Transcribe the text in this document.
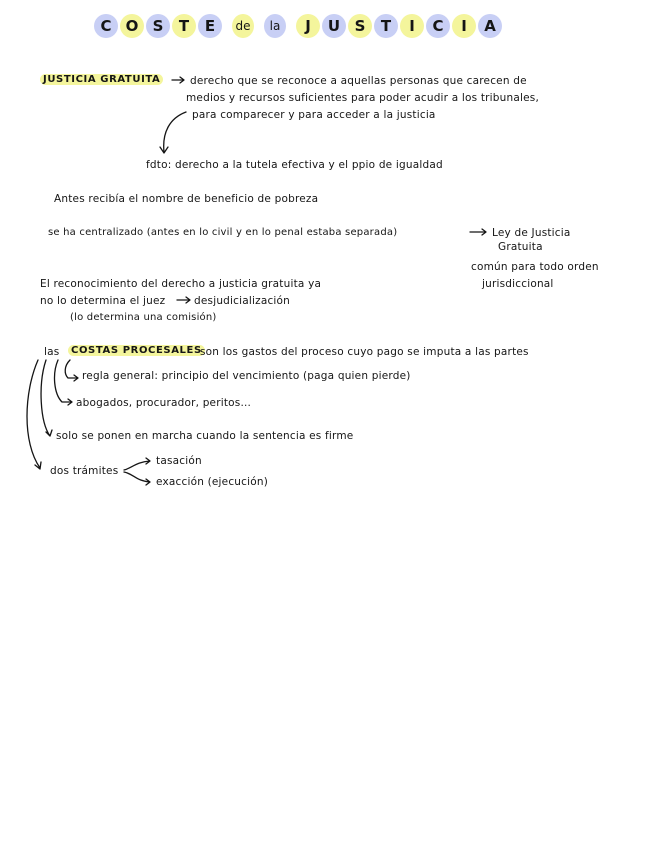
C O S	T	E	de	la	J	U S	T	I	C	I	A
JUSTICIA GRATUITA	derecho que se reconoce a aquellas personas que carecen de
medios y recursos suficientes para poder acudir a los tribunales,
para comparecer y para acceder a la justicia
fdto: derecho a la tutela efectiva y el ppio de igualdad
Antes recibía el nombre de beneficio de pobreza
se ha centralizado (antes en lo civil y en lo penal estaba separada)	Ley de Justicia
Gratuita
común para todo orden
jurisdiccional
El reconocimiento del derecho a justicia gratuita ya
no lo determina el juez	desjudicialización
(lo determina una comisión)
las	COSTAS PROCESALES
son los gastos del proceso cuyo pago se imputa a las partes
regla general: principio del vencimiento (paga quien pierde)
abogados, procurador, peritos...
solo se ponen en marcha cuando la sentencia es firme
dos trámites
tasación
exacción (ejecución)
